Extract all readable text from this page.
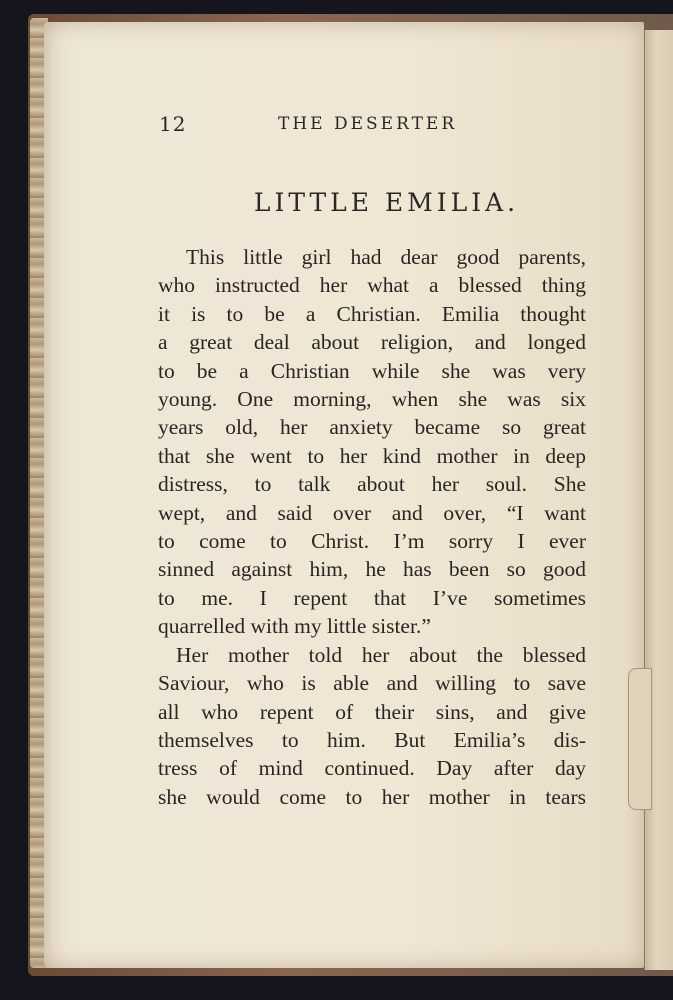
12	THE DESERTER
LITTLE EMILIA.
This little girl had dear good parents,
who instructed her what a blessed thing
it is to be a Christian. Emilia thought
a great deal about religion, and longed
to be a Christian while she was very
young. One morning, when she was six
years old, her anxiety became so great
that she went to her kind mother in deep
distress, to talk about her soul. She
wept, and said over and over, “I want
to come to Christ. I’m sorry I ever
sinned against him, he has been so good
to me. I repent that I’ve sometimes
quarrelled with my little sister.”
Her mother told her about the blessed
Saviour, who is able and willing to save
all who repent of their sins, and give
themselves to him. But Emilia’s dis-
tress of mind continued. Day after day
she would come to her mother in tears
